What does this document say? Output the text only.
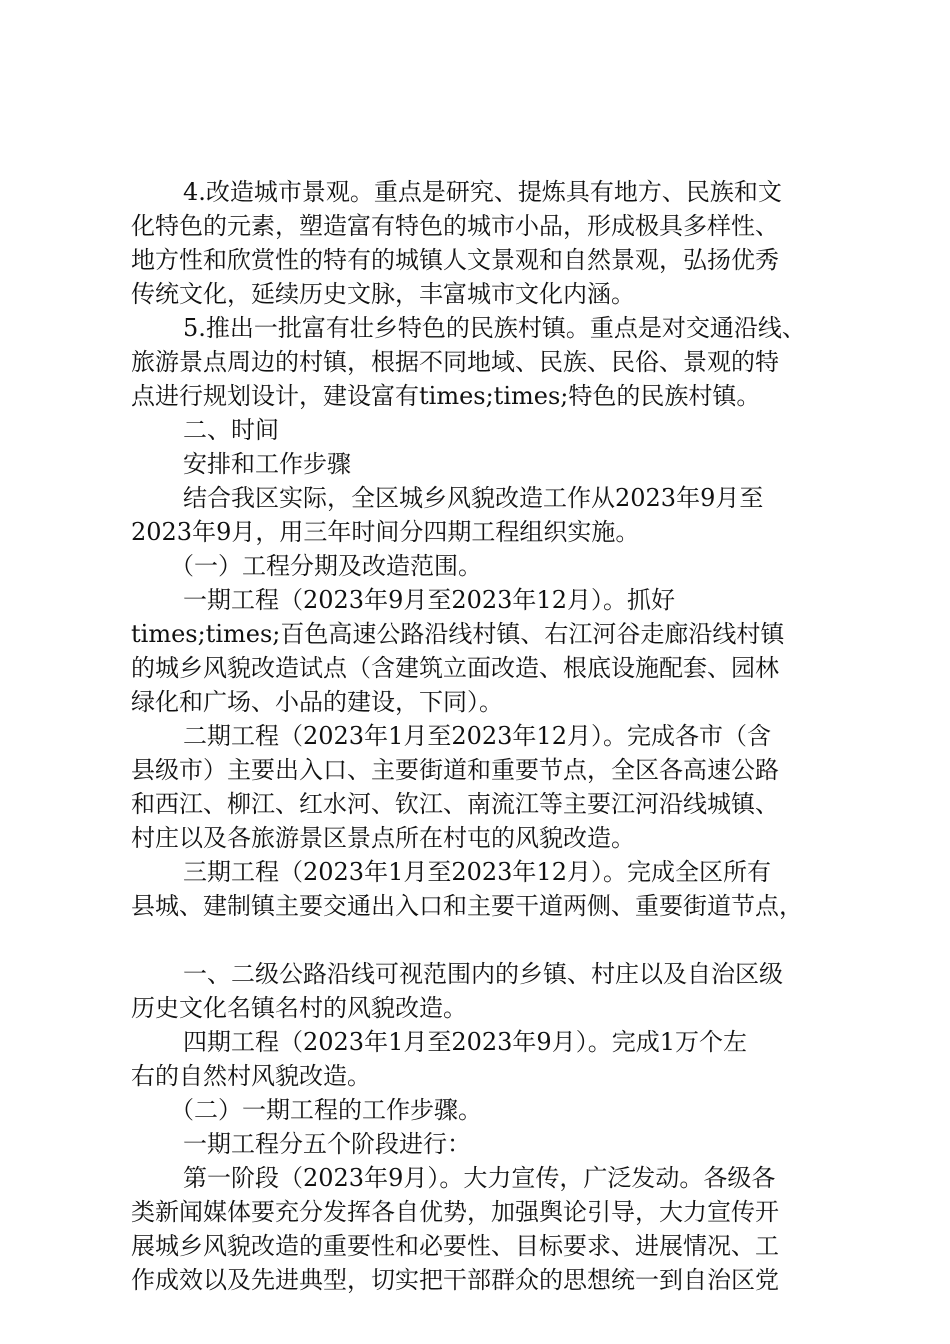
4.改造城市景观。重点是研究、提炼具有地方、民族和文
化特色的元素，塑造富有特色的城市小品，形成极具多样性、
地方性和欣赏性的特有的城镇人文景观和自然景观，弘扬优秀
传统文化，延续历史文脉，丰富城市文化内涵。
5.推出一批富有壮乡特色的民族村镇。重点是对交通沿线、
旅游景点周边的村镇，根据不同地域、民族、民俗、景观的特
点进行规划设计，建设富有times;times;特色的民族村镇。
二、时间
安排和工作步骤
结合我区实际，全区城乡风貌改造工作从2023年9月至
2023年9月，用三年时间分四期工程组织实施。
（一）工程分期及改造范围。
一期工程（2023年9月至2023年12月）。抓好
times;times;百色高速公路沿线村镇、右江河谷走廊沿线村镇
的城乡风貌改造试点（含建筑立面改造、根底设施配套、园林
绿化和广场、小品的建设，下同）。
二期工程（2023年1月至2023年12月）。完成各市（含
县级市）主要出入口、主要街道和重要节点，全区各高速公路
和西江、柳江、红水河、钦江、南流江等主要江河沿线城镇、
村庄以及各旅游景区景点所在村屯的风貌改造。
三期工程（2023年1月至2023年12月）。完成全区所有
县城、建制镇主要交通出入口和主要干道两侧、重要街道节点，
一、二级公路沿线可视范围内的乡镇、村庄以及自治区级
历史文化名镇名村的风貌改造。
四期工程（2023年1月至2023年9月）。完成1万个左
右的自然村风貌改造。
（二）一期工程的工作步骤。
一期工程分五个阶段进行：
第一阶段（2023年9月）。大力宣传，广泛发动。各级各
类新闻媒体要充分发挥各自优势，加强舆论引导，大力宣传开
展城乡风貌改造的重要性和必要性、目标要求、进展情况、工
作成效以及先进典型，切实把干部群众的思想统一到自治区党
